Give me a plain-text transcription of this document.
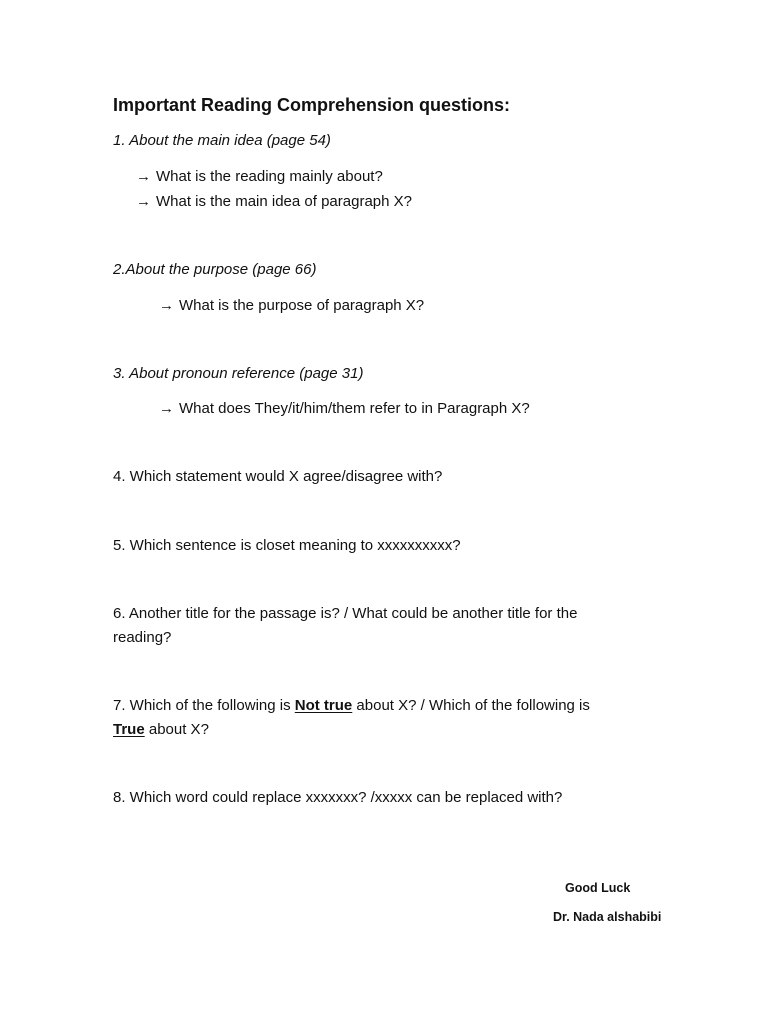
Important Reading Comprehension questions:
1. About the main idea (page 54)
→ What is the reading mainly about?
→ What is the main idea of paragraph X?
2.About the purpose (page 66)
→ What is the purpose of paragraph X?
3. About pronoun reference (page 31)
→ What does They/it/him/them refer to in Paragraph X?
4. Which statement would X agree/disagree with?
5. Which sentence is closet meaning to xxxxxxxxxx?
6. Another title for the passage is? / What could be another title for the
reading?
7. Which of the following is Not true about X? / Which of the following is
True about X?
8. Which word could replace xxxxxxx? /xxxxx can be replaced with?
Good Luck
Dr. Nada alshabibi
